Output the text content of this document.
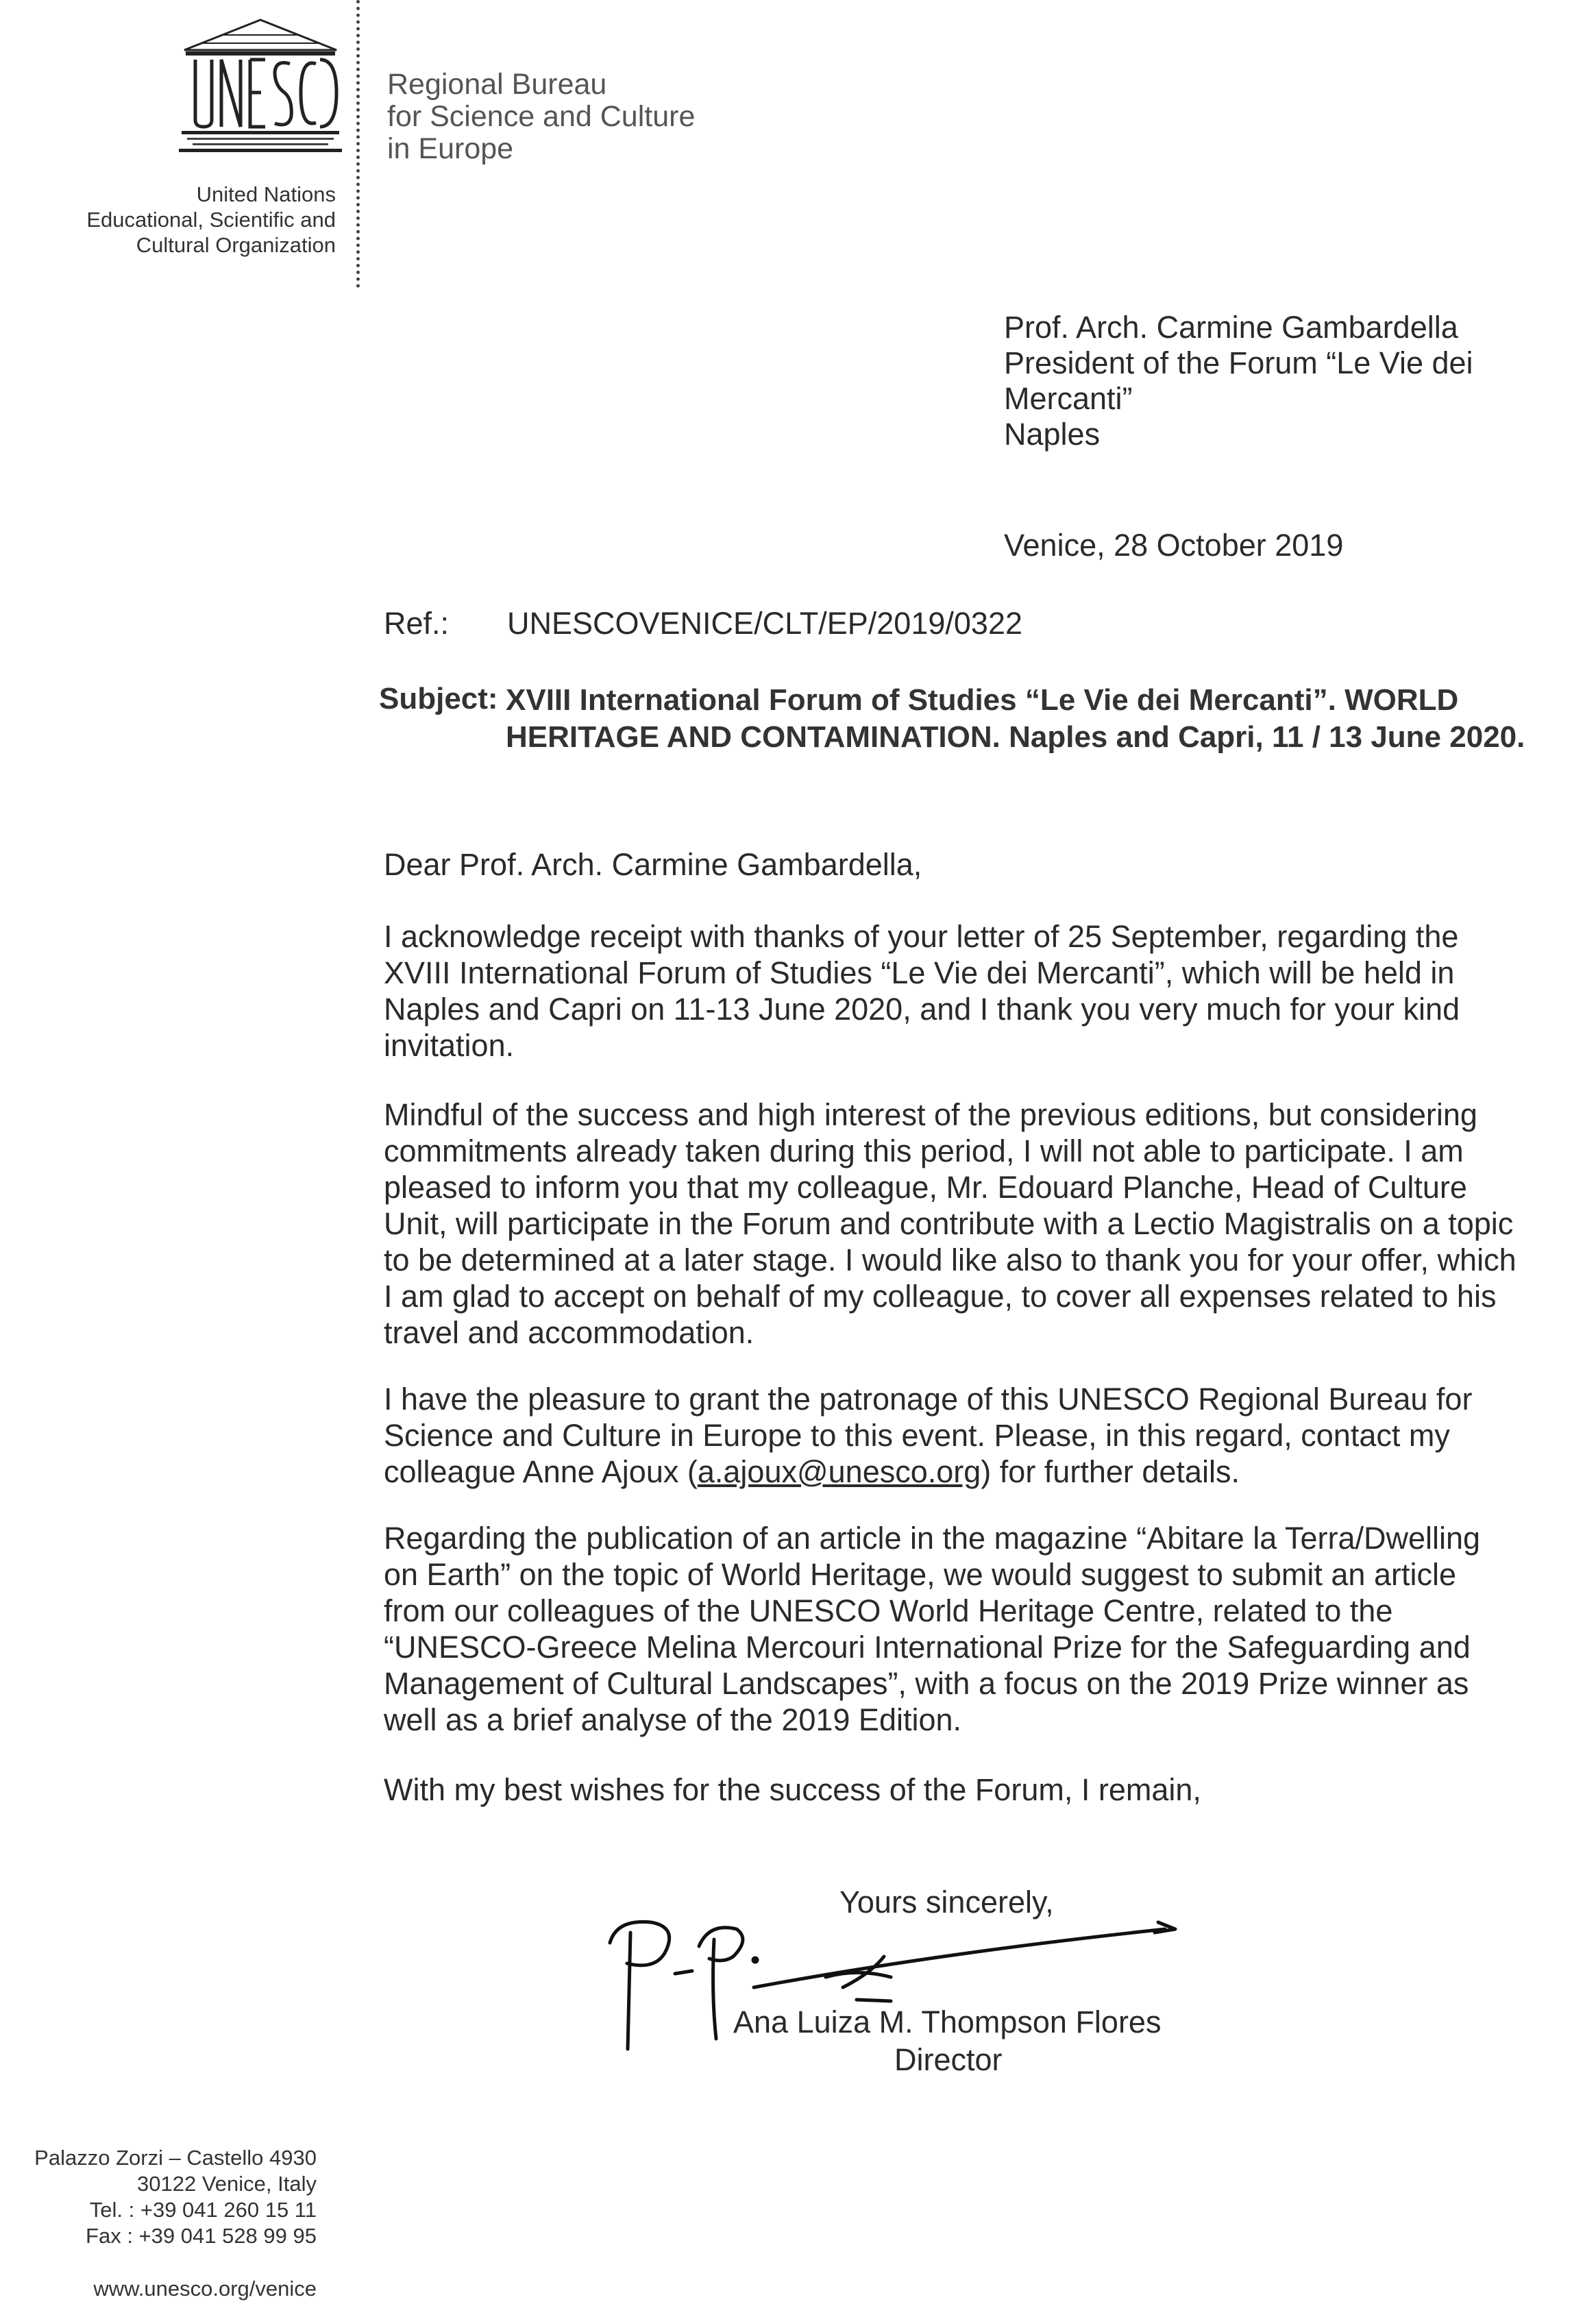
United Nations
Educational, Scientific and
Cultural Organization
Regional Bureau
for Science and Culture
in Europe
Prof. Arch. Carmine Gambardella
President of the Forum “Le Vie dei
Mercanti”
Naples
Venice, 28 October 2019
Ref.: UNESCOVENICE/CLT/EP/2019/0322
Subject: XVIII International Forum of Studies “Le Vie dei Mercanti”. WORLD HERITAGE AND CONTAMINATION. Naples and Capri, 11 / 13 June 2020.
Dear Prof. Arch. Carmine Gambardella,
I acknowledge receipt with thanks of your letter of 25 September, regarding the XVIII International Forum of Studies “Le Vie dei Mercanti”, which will be held in Naples and Capri on 11-13 June 2020, and I thank you very much for your kind invitation.
Mindful of the success and high interest of the previous editions, but considering commitments already taken during this period, I will not able to participate. I am pleased to inform you that my colleague, Mr. Edouard Planche, Head of Culture Unit, will participate in the Forum and contribute with a Lectio Magistralis on a topic to be determined at a later stage. I would like also to thank you for your offer, which I am glad to accept on behalf of my colleague, to cover all expenses related to his travel and accommodation.
I have the pleasure to grant the patronage of this UNESCO Regional Bureau for Science and Culture in Europe to this event. Please, in this regard, contact my colleague Anne Ajoux (a.ajoux@unesco.org) for further details.
Regarding the publication of an article in the magazine “Abitare la Terra/Dwelling on Earth” on the topic of World Heritage, we would suggest to submit an article from our colleagues of the UNESCO World Heritage Centre, related to the “UNESCO-Greece Melina Mercouri International Prize for the Safeguarding and Management of Cultural Landscapes”, with a focus on the 2019 Prize winner as well as a brief analyse of the 2019 Edition.
With my best wishes for the success of the Forum, I remain,
Yours sincerely,
Ana Luiza M. Thompson Flores
Director
Palazzo Zorzi – Castello 4930
30122 Venice, Italy
Tel. : +39 041 260 15 11
Fax : +39 041 528 99 95
www.unesco.org/venice
